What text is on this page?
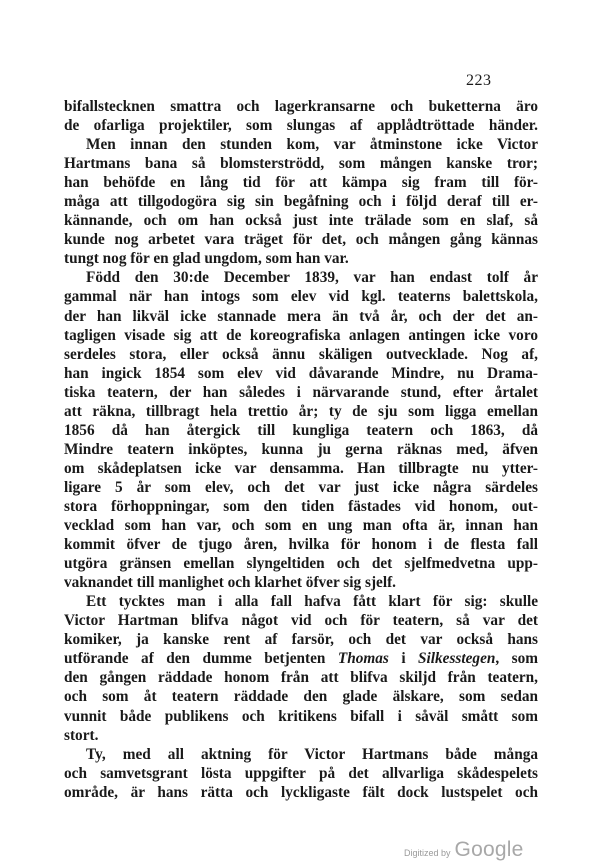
223
bifallstecknen smattra och lagerkransarne och buketterna äro
de ofarliga projektiler, som slungas af applådtröttade händer.
Men innan den stunden kom, var åtminstone icke Victor
Hartmans bana så blomsterströdd, som mången kanske tror;
han behöfde en lång tid för att kämpa sig fram till för-
måga att tillgodogöra sig sin begåfning och i följd deraf till er-
kännande, och om han också just inte trälade som en slaf, så
kunde nog arbetet vara träget för det, och mången gång kännas
tungt nog för en glad ungdom, som han var.
Född den 30:de December 1839, var han endast tolf år
gammal när han intogs som elev vid kgl. teaterns balettskola,
der han likväl icke stannade mera än två år, och der det an-
tagligen visade sig att de koreografiska anlagen antingen icke voro
serdeles stora, eller också ännu skäligen outvecklade. Nog af,
han ingick 1854 som elev vid dåvarande Mindre, nu Drama-
tiska teatern, der han således i närvarande stund, efter årtalet
att räkna, tillbragt hela trettio år; ty de sju som ligga emellan
1856 då han återgick till kungliga teatern och 1863, då
Mindre teatern inköptes, kunna ju gerna räknas med, äfven
om skådeplatsen icke var densamma. Han tillbragte nu ytter-
ligare 5 år som elev, och det var just icke några särdeles
stora förhoppningar, som den tiden fästades vid honom, out-
vecklad som han var, och som en ung man ofta är, innan han
kommit öfver de tjugo åren, hvilka för honom i de flesta fall
utgöra gränsen emellan slyngeltiden och det sjelfmedvetna upp-
vaknandet till manlighet och klarhet öfver sig sjelf.
Ett tycktes man i alla fall hafva fått klart för sig: skulle
Victor Hartman blifva något vid och för teatern, så var det
komiker, ja kanske rent af farsör, och det var också hans
utförande af den dumme betjenten Thomas i Silkesstegen, som
den gången räddade honom från att blifva skiljd från teatern,
och som åt teatern räddade den glade älskare, som sedan
vunnit både publikens och kritikens bifall i såväl smått som
stort.
Ty, med all aktning för Victor Hartmans både många
och samvetsgrant lösta uppgifter på det allvarliga skådespelets
område, är hans rätta och lyckligaste fält dock lustspelet och
Digitized by Google
